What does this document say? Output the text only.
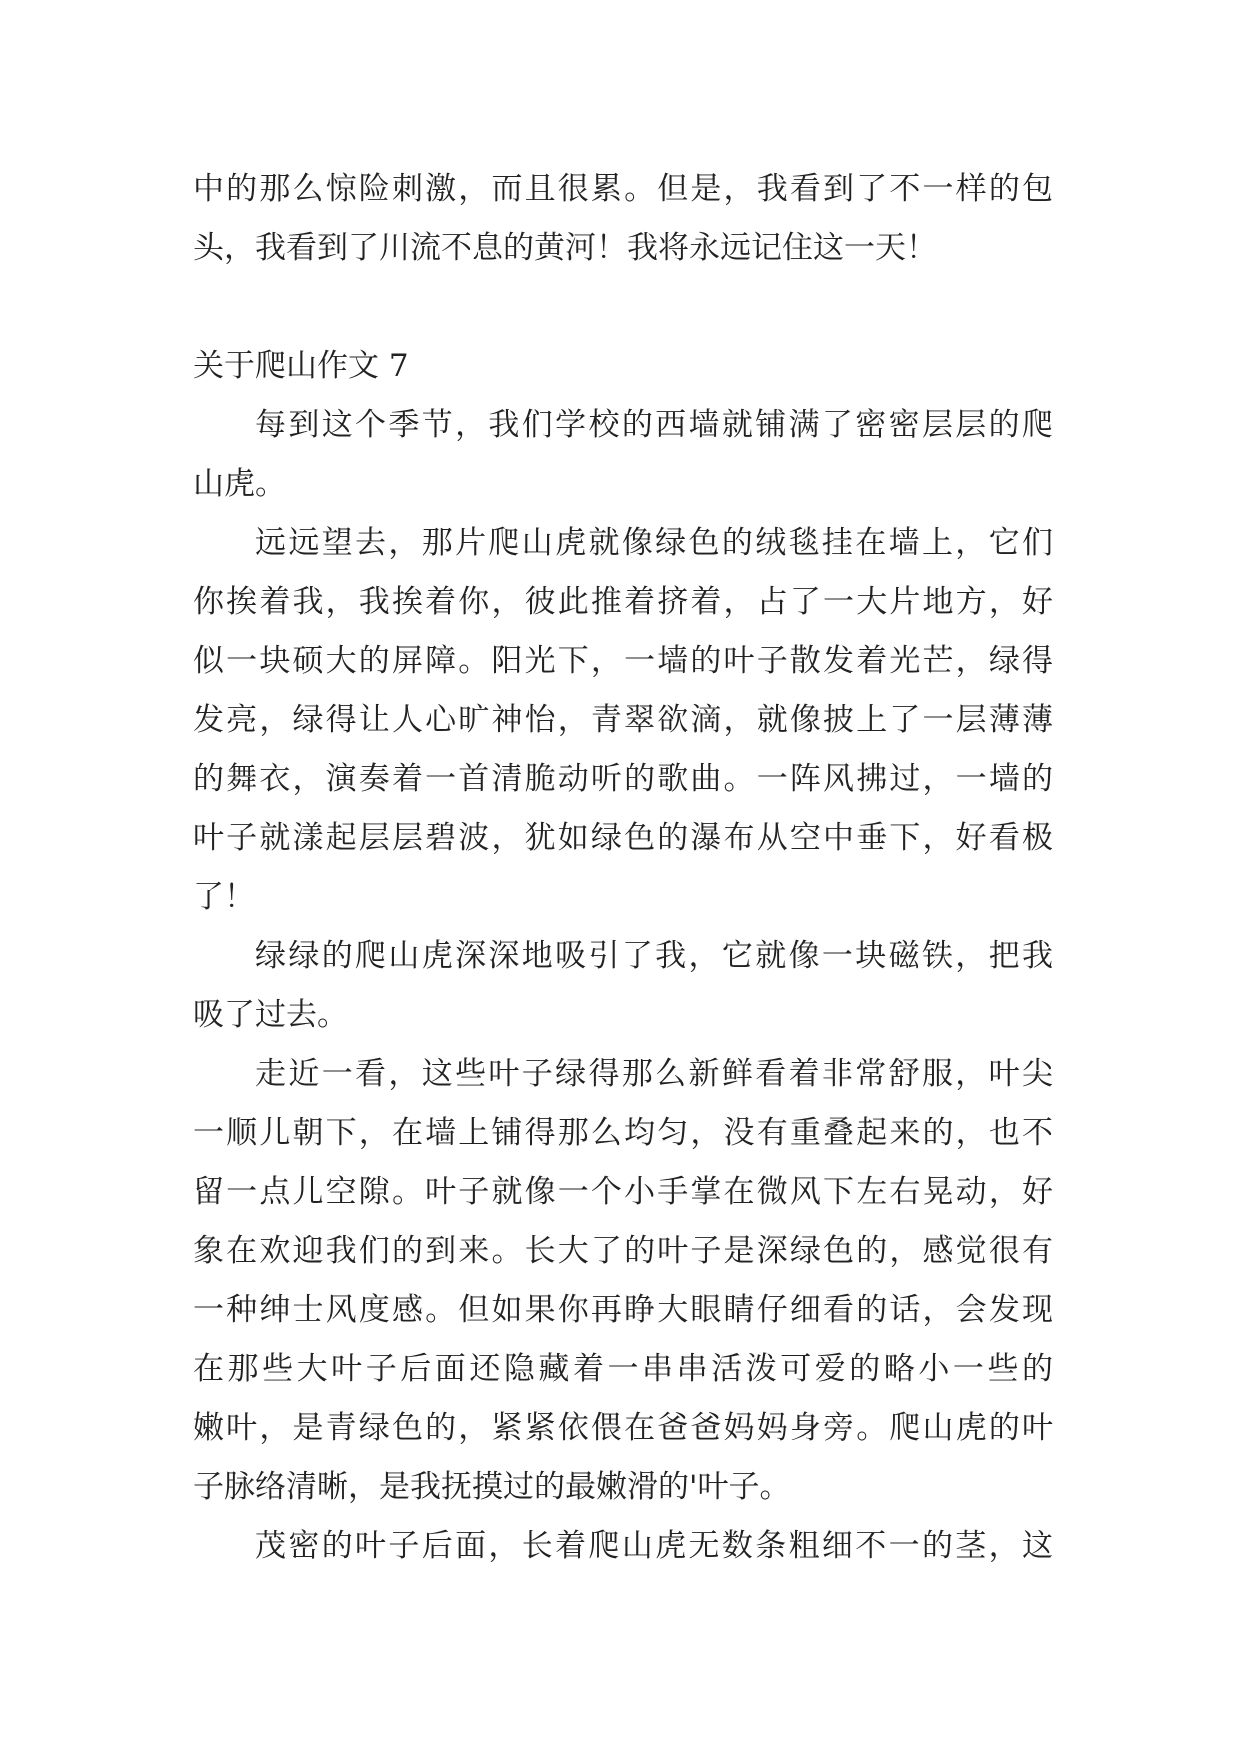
中的那么惊险刺激，而且很累。但是，我看到了不一样的包
头，我看到了川流不息的黄河！我将永远记住这一天！
关于爬山作文 7
每到这个季节，我们学校的西墙就铺满了密密层层的爬
山虎。
远远望去，那片爬山虎就像绿色的绒毯挂在墙上，它们
你挨着我，我挨着你，彼此推着挤着，占了一大片地方，好
似一块硕大的屏障。阳光下，一墙的叶子散发着光芒，绿得
发亮，绿得让人心旷神怡，青翠欲滴，就像披上了一层薄薄
的舞衣，演奏着一首清脆动听的歌曲。一阵风拂过，一墙的
叶子就漾起层层碧波，犹如绿色的瀑布从空中垂下，好看极
了！
绿绿的爬山虎深深地吸引了我，它就像一块磁铁，把我
吸了过去。
走近一看，这些叶子绿得那么新鲜看着非常舒服，叶尖
一顺儿朝下，在墙上铺得那么均匀，没有重叠起来的，也不
留一点儿空隙。叶子就像一个小手掌在微风下左右晃动，好
象在欢迎我们的到来。长大了的叶子是深绿色的，感觉很有
一种绅士风度感。但如果你再睁大眼睛仔细看的话，会发现
在那些大叶子后面还隐藏着一串串活泼可爱的略小一些的
嫩叶，是青绿色的，紧紧依偎在爸爸妈妈身旁。爬山虎的叶
子脉络清晰，是我抚摸过的最嫩滑的'叶子。
茂密的叶子后面，长着爬山虎无数条粗细不一的茎，这
